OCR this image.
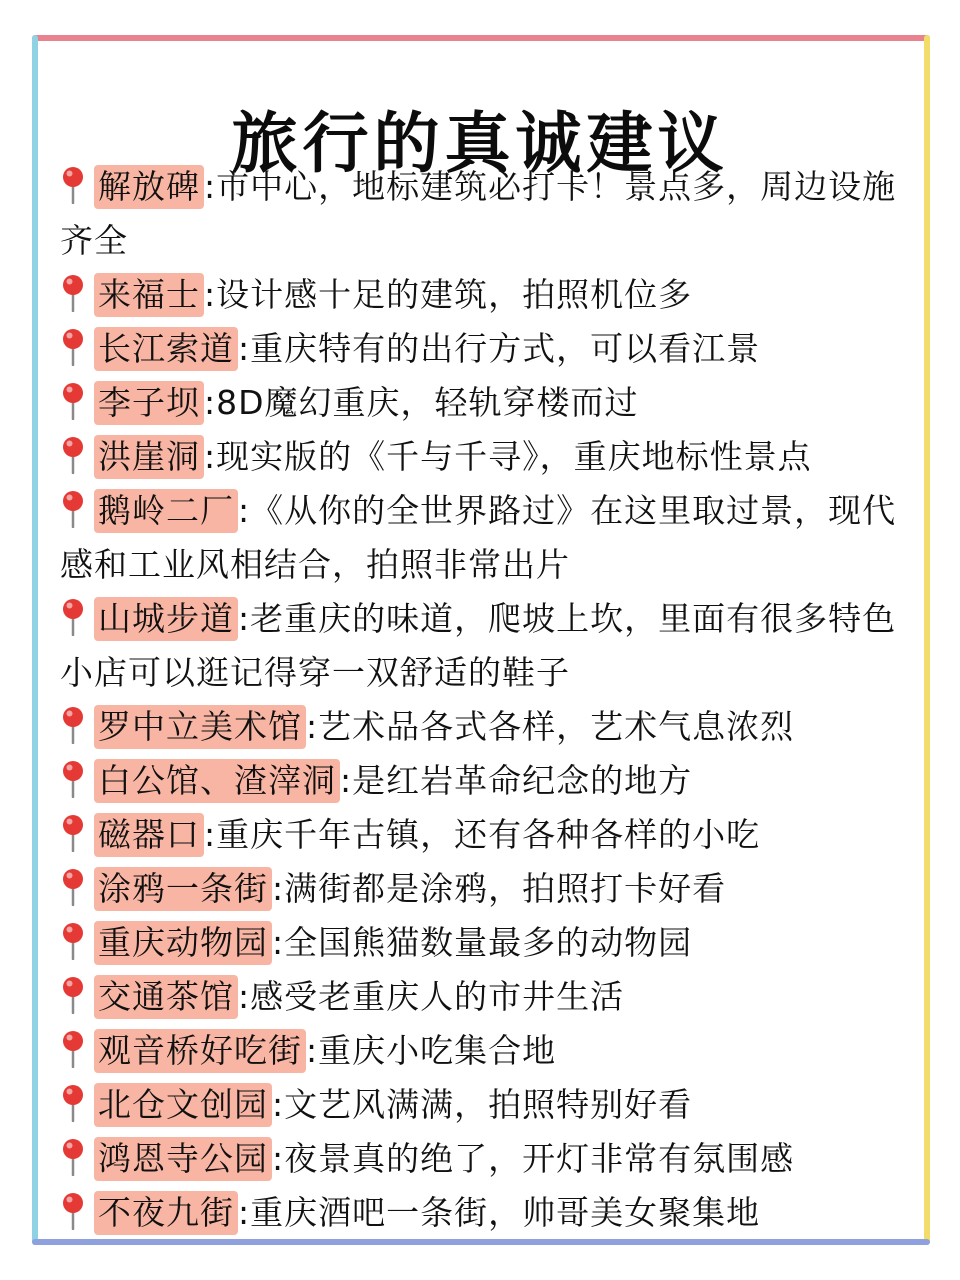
旅行的真诚建议

解放碑 :市中心，地标建筑必打卡！景点多，周边设施齐全

来福士 :设计感十足的建筑，拍照机位多

长江索道 :重庆特有的出行方式，可以看江景

李子坝 :8D魔幻重庆，轻轨穿楼而过

洪崖洞 :现实版的《千与千寻》，重庆地标性景点

鹅岭二厂 :《从你的全世界路过》在这里取过景，现代感和工业风相结合，拍照非常出片

山城步道 :老重庆的味道，爬坡上坎，里面有很多特色小店可以逛记得穿一双舒适的鞋子

罗中立美术馆 :艺术品各式各样，艺术气息浓烈

白公馆、渣滓洞 :是红岩革命纪念的地方

磁器口 :重庆千年古镇，还有各种各样的小吃

涂鸦一条街 :满街都是涂鸦，拍照打卡好看

重庆动物园 :全国熊猫数量最多的动物园

交通茶馆 :感受老重庆人的市井生活

观音桥好吃街 :重庆小吃集合地

北仓文创园 :文艺风满满，拍照特别好看

鸿恩寺公园 :夜景真的绝了，开灯非常有氛围感

不夜九街 :重庆酒吧一条街，帅哥美女聚集地
